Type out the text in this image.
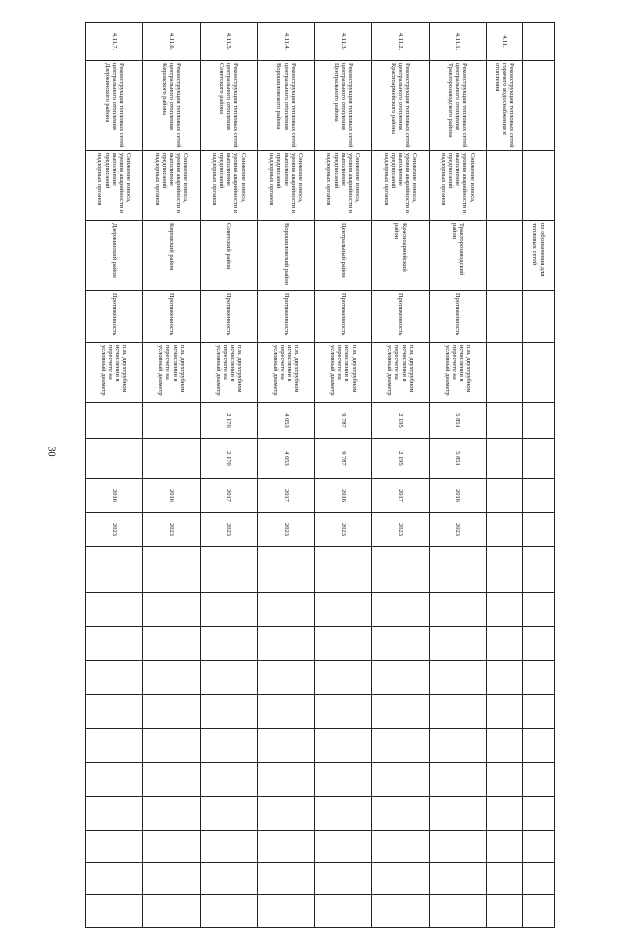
30
			по обозначения для тепловых сетей																	
4.11.	Реконструкция тепловых сетей горячего водоснабжения и отопления																			
4.11.1.	Реконструкция тепловых сетей центрального отопления Тракторозаводского района	Снижение износа, уровня аварийности и выполнение предписаний надзорных органов	Тракторозаводский район	Протяженность	п.м. двухтрубном исчислении в пересчете на условный диаметр	5 851	5 851	2016	2023											
4.11.2.	Реконструкция тепловых сетей центрального отопления Красноармейского района	Снижение износа, уровня аварийности и выполнение предписаний надзорных органов	Красноармейский район	Протяженность	п.м. двухтрубном исчислении в пересчете на условный диаметр	2 195	2 195	2017	2023											
4.11.3.	Реконструкция тепловых сетей центрального отопления Центрального района	Снижение износа, уровня аварийности и выполнение предписаний надзорных органов	Центральный район	Протяженность	п.м. двухтрубном исчислении в пересчете на условный диаметр	9 787	9 787	2016	2023											
4.11.4.	Реконструкция тепловых сетей центрального отопления Ворошиловского района	Снижение износа, уровня аварийности и выполнение предписаний надзорных органов	Ворошиловский район	Протяженность	п.м. двухтрубном исчислении в пересчете на условный диаметр	4 053	4 053	2017	2023											
4.11.5.	Реконструкция тепловых сетей центрального отопления Советского района	Снижение износа, уровня аварийности и выполнение предписаний надзорных органов	Советский район	Протяженность	п.м. двухтрубном исчислении в пересчете на условный диаметр	2 170	2 170	2017	2023											
4.11.6.	Реконструкция тепловых сетей центрального отопления Кировского района	Снижение износа, уровня аварийности и выполнение предписаний надзорных органов	Кировский район	Протяженность	п.м. двухтрубном исчислении в пересчете на условный диаметр			2016	2023											
4.11.7.	Реконструкция тепловых сетей центрального отопления Дзержинского района	Снижение износа, уровня аварийности и выполнение предписаний надзорных органов	Дзержинский район	Протяженность	п.м. двухтрубном исчислении в пересчете на условный диаметр			2016	2023											
